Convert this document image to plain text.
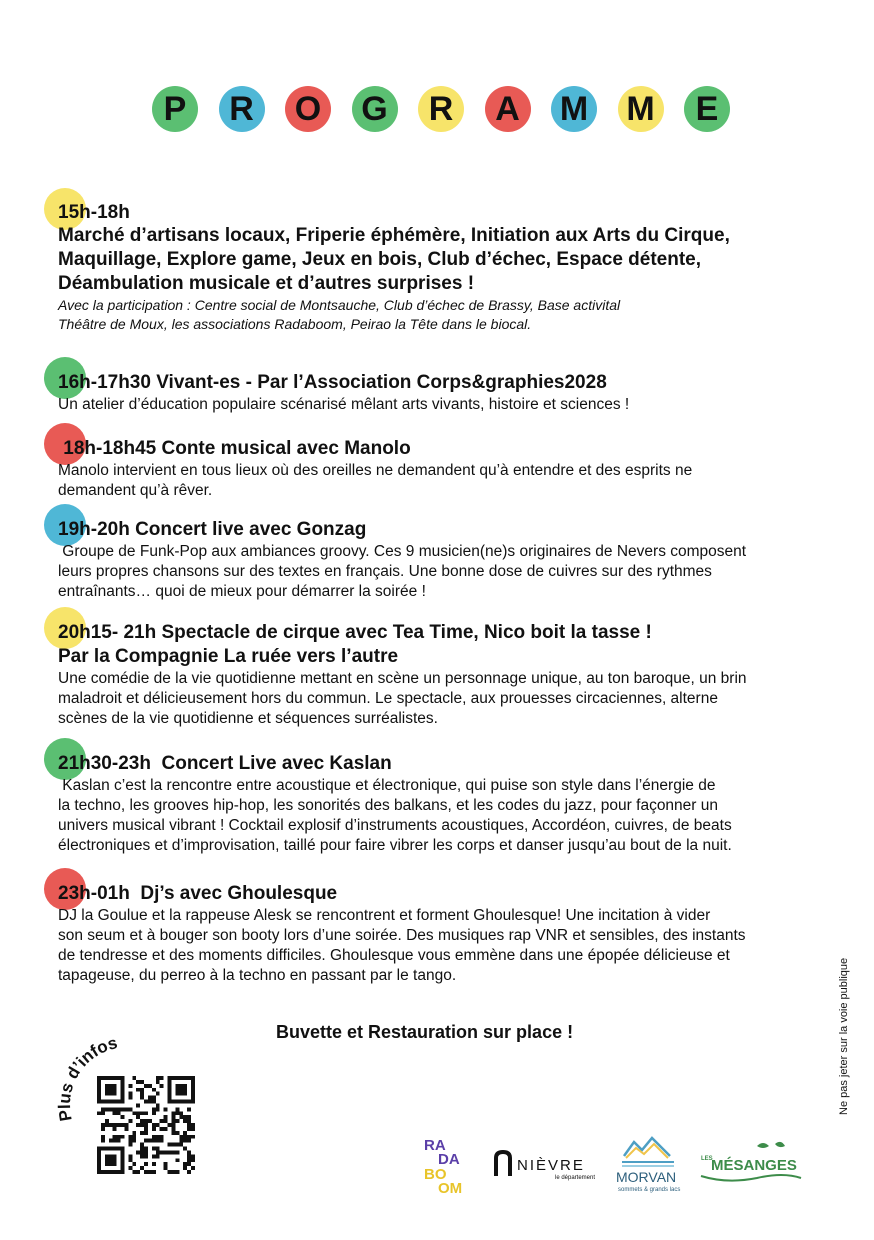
P	R	O G	R	A	M M	E
15h-18h
Marché d’artisans locaux, Friperie éphémère, Initiation aux Arts du Cirque,
Maquillage, Explore game, Jeux en bois, Club d’échec, Espace détente,
Déambulation musicale et d’autres surprises !
Avec la participation : Centre social de Montsauche, Club d’échec de Brassy, Base activital
Théâtre de Moux, les associations Radaboom, Peirao la Tête dans le biocal.
16h-17h30 Vivant-es - Par l’Association Corps&graphies2028
Un atelier d’éducation populaire scénarisé mêlant arts vivants, histoire et sciences !
18h-18h45 Conte musical avec Manolo
Manolo intervient en tous lieux où des oreilles ne demandent qu’à entendre et des esprits ne
demandent qu’à rêver.
19h-20h Concert live avec Gonzag
Groupe de Funk-Pop aux ambiances groovy. Ces 9 musicien(ne)s originaires de Nevers composent
leurs propres chansons sur des textes en français. Une bonne dose de cuivres sur des rythmes
entraînants… quoi de mieux pour démarrer la soirée !
20h15- 21h Spectacle de cirque avec Tea Time, Nico boit la tasse !
Par la Compagnie La ruée vers l’autre
Une comédie de la vie quotidienne mettant en scène un personnage unique, au ton baroque, un brin
maladroit et délicieusement hors du commun. Le spectacle, aux prouesses circaciennes, alterne
scènes de la vie quotidienne et séquences surréalistes.
21h30-23h  Concert Live avec Kaslan
Kaslan c’est la rencontre entre acoustique et électronique, qui puise son style dans l’énergie de
la techno, les grooves hip-hop, les sonorités des balkans, et les codes du jazz, pour façonner un
univers musical vibrant ! Cocktail explosif d’instruments acoustiques, Accordéon, cuivres, de beats
électroniques et d’improvisation, taillé pour faire vibrer les corps et danser jusqu’au bout de la nuit.
23h-01h  Dj’s avec Ghoulesque
DJ la Goulue et la rappeuse Alesk se rencontrent et forment Ghoulesque! Une incitation à vider
son seum et à bouger son booty lors d’une soirée. Des musiques rap VNR et sensibles, des instants
de tendresse et des moments difficiles. Ghoulesque vous emmène dans une épopée délicieuse et
tapageuse, du perreo à la techno en passant par le tango.
Buvette et Restauration sur place !
Plus d’infos	Ne pas jeter sur la voie publique
RA
DA
BO
OM
NIÈVRE
le département MORVAN
sommets & grands lacs
LES
MÉSANGES
